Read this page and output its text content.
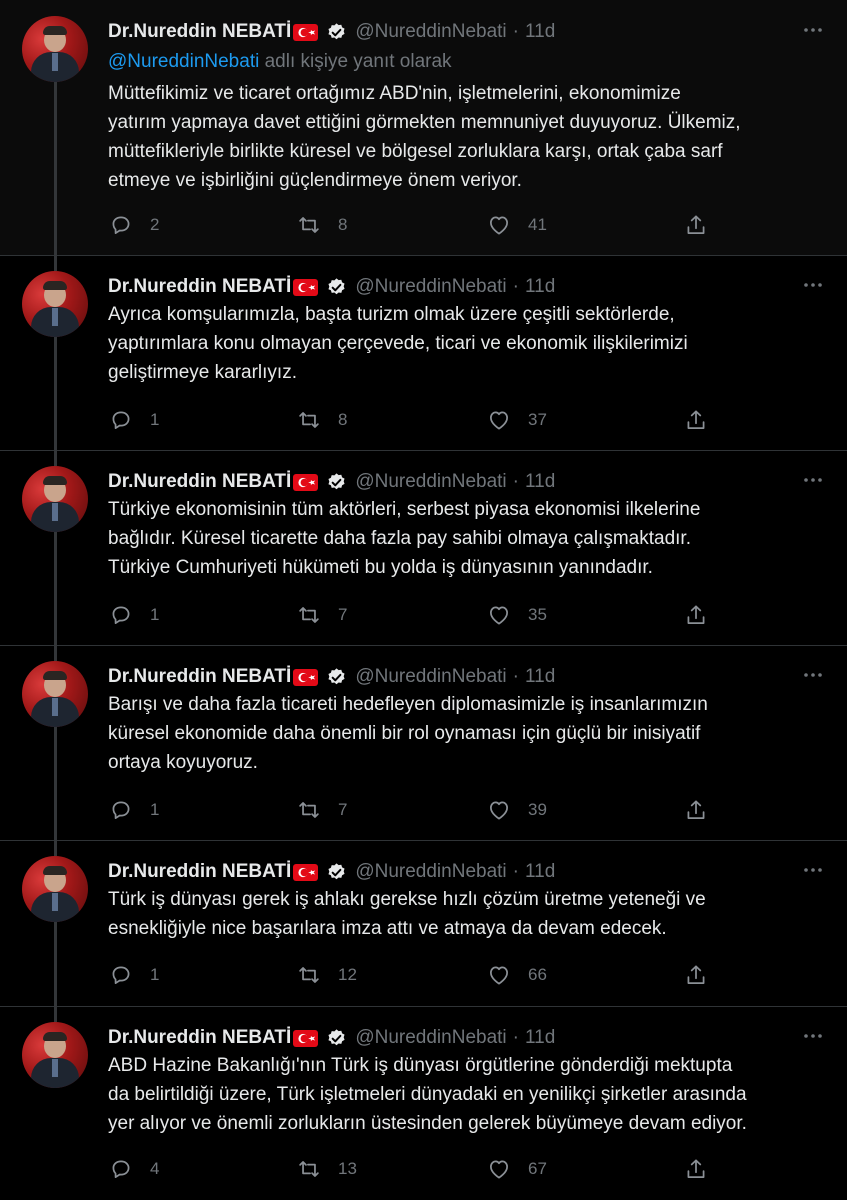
Dr.Nureddin NEBATİ	@NureddinNebati · 11d
Müttefikimiz ve ticaret ortağımız ABD'nin, işletmelerini, ekonomimize
yatırım yapmaya davet ettiğini görmekten memnuniyet duyuyoruz. Ülkemiz,
müttefikleriyle birlikte küresel ve bölgesel zorluklara karşı, ortak çaba sarf
etmeye ve işbirliğini güçlendirmeye önem veriyor.
2	8	41
@NureddinNebati adlı kişiye yanıt olarak
Dr.Nureddin NEBATİ	@NureddinNebati · 11d
Ayrıca komşularımızla, başta turizm olmak üzere çeşitli sektörlerde,
yaptırımlara konu olmayan çerçevede, ticari ve ekonomik ilişkilerimizi
geliştirmeye kararlıyız.
1	8	37
Dr.Nureddin NEBATİ	@NureddinNebati · 11d
Türkiye ekonomisinin tüm aktörleri, serbest piyasa ekonomisi ilkelerine
bağlıdır. Küresel ticarette daha fazla pay sahibi olmaya çalışmaktadır.
Türkiye Cumhuriyeti hükümeti bu yolda iş dünyasının yanındadır.
1	7	35
Dr.Nureddin NEBATİ	@NureddinNebati · 11d
Barışı ve daha fazla ticareti hedefleyen diplomasimizle iş insanlarımızın
küresel ekonomide daha önemli bir rol oynaması için güçlü bir inisiyatif
ortaya koyuyoruz.
1	7	39
Dr.Nureddin NEBATİ	@NureddinNebati · 11d
Türk iş dünyası gerek iş ahlakı gerekse hızlı çözüm üretme yeteneği ve
esnekliğiyle nice başarılara imza attı ve atmaya da devam edecek.
1	12	66
Dr.Nureddin NEBATİ	@NureddinNebati · 11d
ABD Hazine Bakanlığı'nın Türk iş dünyası örgütlerine gönderdiği mektupta
da belirtildiği üzere, Türk işletmeleri dünyadaki en yenilikçi şirketler arasında
yer alıyor ve önemli zorlukların üstesinden gelerek büyümeye devam ediyor.
4	13	67
